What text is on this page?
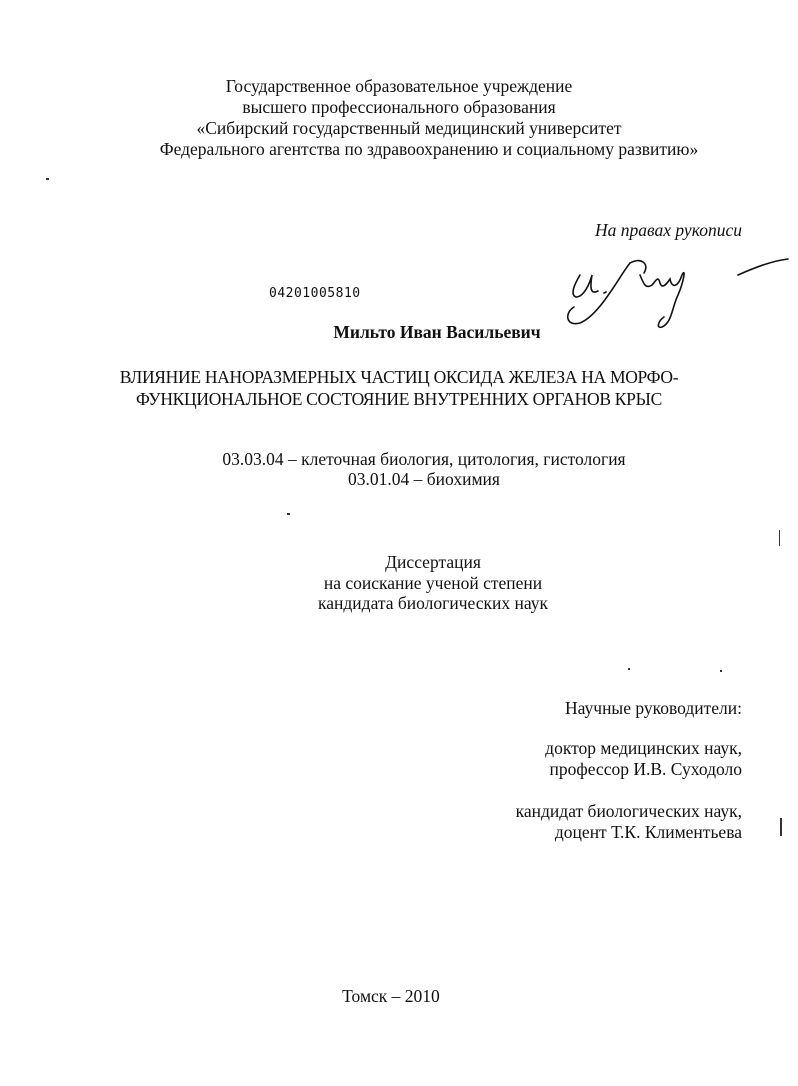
Государственное образовательное учреждение
высшего профессионального образования
«Сибирский государственный медицинский университет
Федерального агентства по здравоохранению и социальному развитию»
На правах рукописи
04201005810
Мильто Иван Васильевич
ВЛИЯНИЕ НАНОРАЗМЕРНЫХ ЧАСТИЦ ОКСИДА ЖЕЛЕЗА НА МОРФО-
ФУНКЦИОНАЛЬНОЕ СОСТОЯНИЕ ВНУТРЕННИХ ОРГАНОВ КРЫС
03.03.04 – клеточная биология, цитология, гистология
03.01.04 – биохимия
Диссертация
на соискание ученой степени
кандидата биологических наук
Научные руководители:
доктор медицинских наук,
профессор И.В. Суходоло
кандидат биологических наук,
доцент Т.К. Климентьева
Томск – 2010
